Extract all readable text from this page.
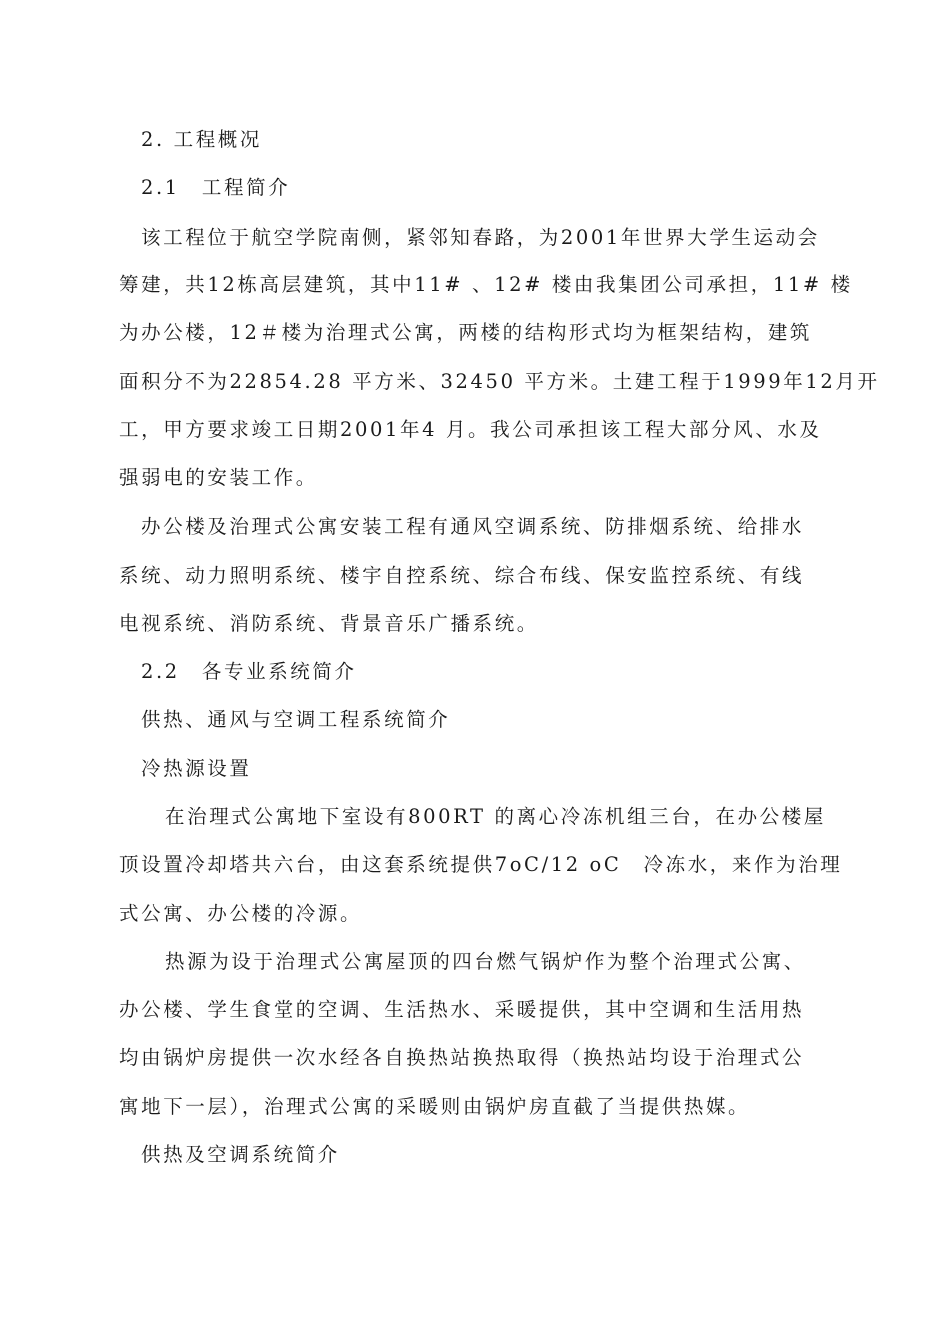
2. 工程概况
2.1　工程简介
该工程位于航空学院南侧，紧邻知春路，为2001年世界大学生运动会
筹建，共12栋高层建筑，其中11# 、12# 楼由我集团公司承担，11# 楼
为办公楼，12＃楼为治理式公寓，两楼的结构形式均为框架结构，建筑
面积分不为22854.28 平方米、32450 平方米。土建工程于1999年12月开
工，甲方要求竣工日期2001年4 月。我公司承担该工程大部分风、水及
强弱电的安装工作。
办公楼及治理式公寓安装工程有通风空调系统、防排烟系统、给排水
系统、动力照明系统、楼宇自控系统、综合布线、保安监控系统、有线
电视系统、消防系统、背景音乐广播系统。
2.2　各专业系统简介
供热、通风与空调工程系统简介
冷热源设置
在治理式公寓地下室设有800RT 的离心冷冻机组三台，在办公楼屋
顶设置冷却塔共六台，由这套系统提供7oC/12 oC　冷冻水，来作为治理
式公寓、办公楼的冷源。
热源为设于治理式公寓屋顶的四台燃气锅炉作为整个治理式公寓、
办公楼、学生食堂的空调、生活热水、采暖提供，其中空调和生活用热
均由锅炉房提供一次水经各自换热站换热取得（换热站均设于治理式公
寓地下一层），治理式公寓的采暖则由锅炉房直截了当提供热媒。
供热及空调系统简介
